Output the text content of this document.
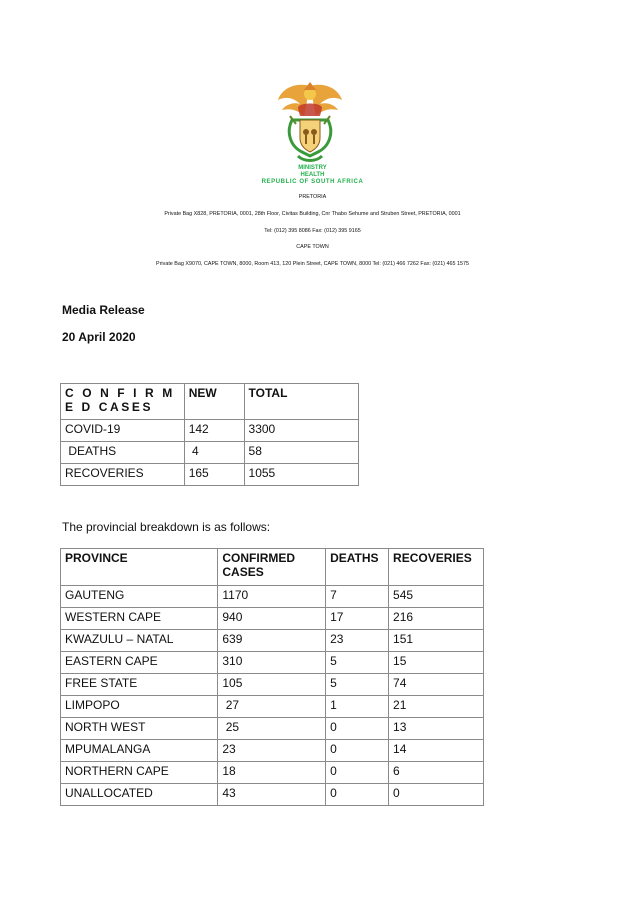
MINISTRY
HEALTH
REPUBLIC OF SOUTH AFRICA
PRETORIA
Private Bag X828, PRETORIA, 0001, 28th Floor, Civitas Building, Cnr Thabo Sehume and Struben Street, PRETORIA, 0001
Tel: (012) 395 8086 Fax: (012) 395 9165
CAPE TOWN
Private Bag X9070, CAPE TOWN, 8000, Room 413, 120 Plein Street, CAPE TOWN, 8000 Tel: (021) 466 7262 Fax: (021) 465 1575
Media Release
20 April 2020
C O N F I R M E D CASES	NEW	TOTAL
COVID-19	142	3300
DEATHS	4	58
RECOVERIES	165	1055
The provincial breakdown is as follows:
PROVINCE	CONFIRMED CASES	DEATHS	RECOVERIES
GAUTENG	1170	7	545
WESTERN CAPE	940	17	216
KWAZULU – NATAL	639	23	151
EASTERN CAPE	310	5	15
FREE STATE	105	5	74
LIMPOPO	27	1	21
NORTH WEST	25	0	13
MPUMALANGA	23	0	14
NORTHERN CAPE	18	0	6
UNALLOCATED	43	0	0
